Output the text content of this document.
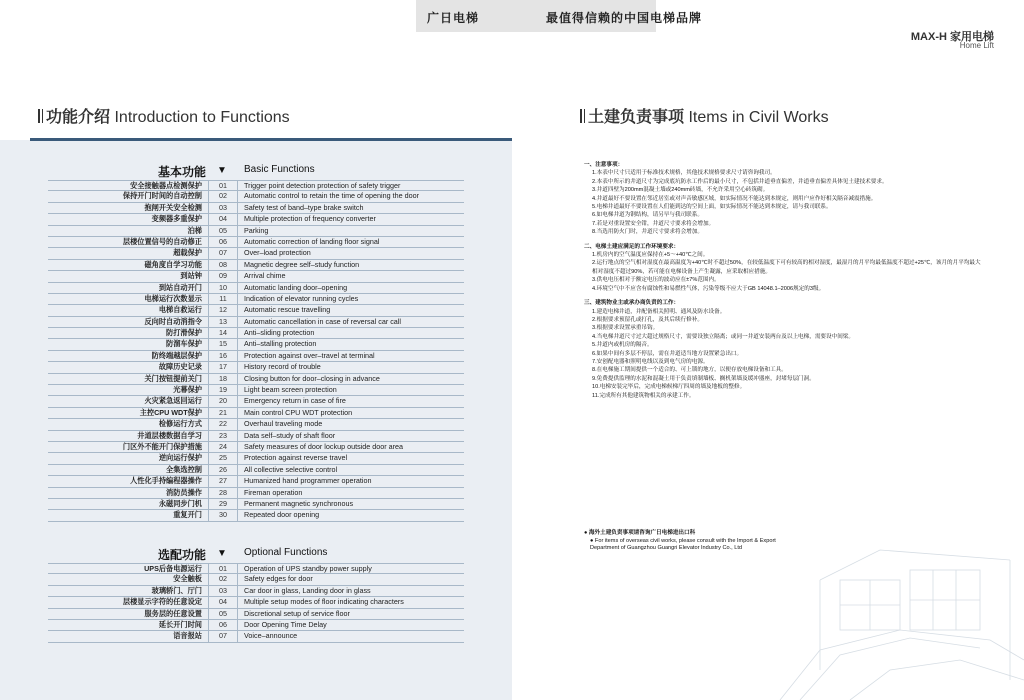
广日电梯	最值得信赖的中国电梯品牌
MAX-H 家用电梯
Home Lift
功能介绍 Introduction to Functions
基本功能 ▼ Basic Functions
安全接触器点检测保护	01	Trigger point detection protection of safety trigger
保持开门时间的自动控制	02	Automatic control to retain the time of opening the door
抱闸开关安全检测	03	Safety test of band–type brake switch
变频器多重保护	04	Multiple protection of frequency converter
泊梯	05	Parking
层楼位置信号的自动修正	06	Automatic correction of landing floor signal
超载保护	07	Over–load protection
磁角度自学习功能	08	Magnetic degree self–study function
到站钟	09	Arrival chime
到站自动开门	10	Automatic landing door–opening
电梯运行次数显示	11	Indication of elevator running cycles
电梯自救运行	12	Automatic rescue travelling
反向时自动消指令	13	Automatic cancellation in case of reversal car call
防打滑保护	14	Anti–sliding protection
防溜车保护	15	Anti–stalling protection
防终端越层保护	16	Protection against over–travel at terminal
故障历史记录	17	History record of trouble
关门按钮提前关门	18	Closing button for door–closing in advance
光幕保护	19	Light beam screen protection
火灾紧急返回运行	20	Emergency return in case of fire
主控CPU WDT保护	21	Main control CPU WDT protection
检修运行方式	22	Overhaul traveling mode
井道层楼数据自学习	23	Data self–study of shaft floor
门区外不能开门保护措施	24	Safety measures of door lockup outside door area
逆向运行保护	25	Protection against reverse travel
全集选控制	26	All collective selective control
人性化手持编程器操作	27	Humanized hand programmer operation
消防员操作	28	Fireman operation
永磁同步门机	29	Permanent magnetic synchronous
重复开门	30	Repeated door opening
选配功能 ▼ Optional Functions
UPS后备电源运行	01	Operation of UPS standby power supply
安全触板	02	Safety edges for door
玻璃轿门、厅门	03	Car door in glass, Landing door in glass
层楼显示字符的任意设定	04	Multiple setup modes of floor indicating characters
服务层的任意设置	05	Discretional setup of service floor
延长开门时间	06	Door Opening Time Delay
语音报站	07	Voice–announce
土建负责事项 Items in Civil Works
一、注意事项：
1.本表中尺寸只适用于标准技术规格，其他技术规格要求尺寸请咨询我司。
2.本表中所示的井道尺寸为完成底坑防水工作后的最小尺寸，不包括井道垂直偏差，井道垂直偏差具体见土建技术要求。
3.井道四壁为200mm混凝土墙或240mm砖墙，不允许采用空心砖筑砌。
4.井道最好不要设置在邻近居室或对声音敏感区域，如实际情况不能达到本规定，则用户应作好相关隔音减震措施。
5.电梯井道最好不要设置在人们能到达的空间上面，如实际情况不能达到本规定，请与我司联系。
6.如电梯井道为钢结构，请另早与我司联系。
7.若是对重设置安全钳，井道尺寸要求将会增加。
8.当选用防火门时，井道尺寸要求将会增加。
二、电梯土建应满足的工作环境要求：
1.机房内的空气温度应保持在+5～+40℃之间。
2.运行地点的空气相对湿度在最高温度为+40℃时不超过50%，在较低温度下可有较高的相对湿度，最湿月的月平均最低温度不超过+25℃，该月的月平均最大相对湿度不超过90%，若可能在电梯设备上产生凝露，应采取相应措施。
3.供电电压相对于额定电压的波动应在±7%范围内。
4.环境空气中不应含有腐蚀性和易燃性气体，污染等级不应大于GB 14048.1–2006规定的3级。
三、建筑物业主或承办商负责的工作：
1.建造电梯井道，并配备相关照明、通风及防水设备。
2.根据要求预留孔或打孔，及其后续行修补。
3.根据要求设置承重吊钩。
4.当电梯井道尺寸过大超过规格尺寸，需要设独立隔离；或同一井道安装两台及以上电梯，需要设中间梁。
5.井道内或机房的隔音。
6.如果中间有多层不停层，需在井道适当地方设置紧急出口。
7.安创配电器和照明电线以及到电气房的电源。
8.在电梯施工期间提供一个适合的、可上锁的地方，以便存放电梯设备和工具。
9.免费提供监理的水泥和混凝土用于负责填制墙板、搁机架墙及缓冲器座，封堵每层门洞。
10.电梯安装完毕后，完成电梯候梯厅四周的墙及地板的整修。
11.完成所有其他建筑物相关的承建工作。
● 海外土建负责事项请咨询广日电梯进出口科
● For items of overseas civil works, please consult with the Import & Export
Department of Guangzhou Guangri Elevator Industry Co., Ltd
